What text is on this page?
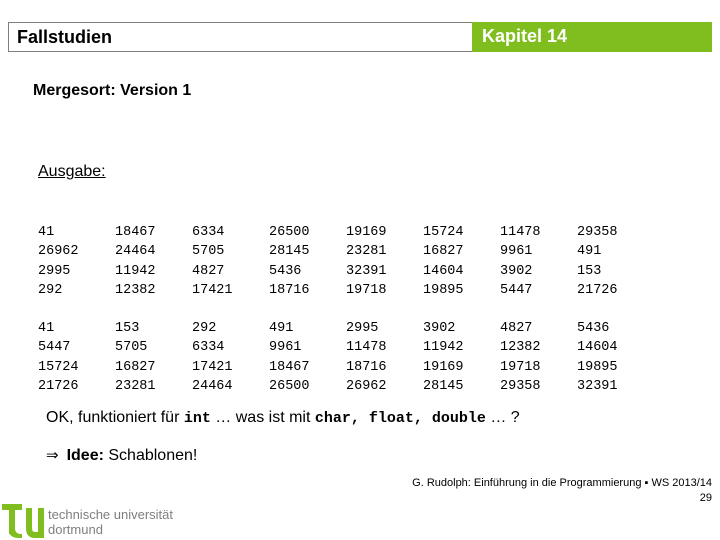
Fallstudien	Kapitel 14
Mergesort: Version 1
Ausgabe:
41
26962
2995
292
18467
24464
11942
12382
6334
5705
4827
17421
26500
28145
5436
18716
19169
23281
32391
19718
15724
16827
14604
19895
11478
9961
3902
5447
29358
491
153
21726
41
5447
15724
21726
153
5705
16827
23281
292
6334
17421
24464
491
9961
18467
26500
2995
11478
18716
26962
3902
11942
19169
28145
4827
12382
19718
29358
5436
14604
19895
32391
OK, funktioniert für int … was ist mit char, float, double … ?
⇒ Idee: Schablonen!
technische universität
dortmund
G. Rudolph: Einführung in die Programmierung ▪ WS 2013/14
29
